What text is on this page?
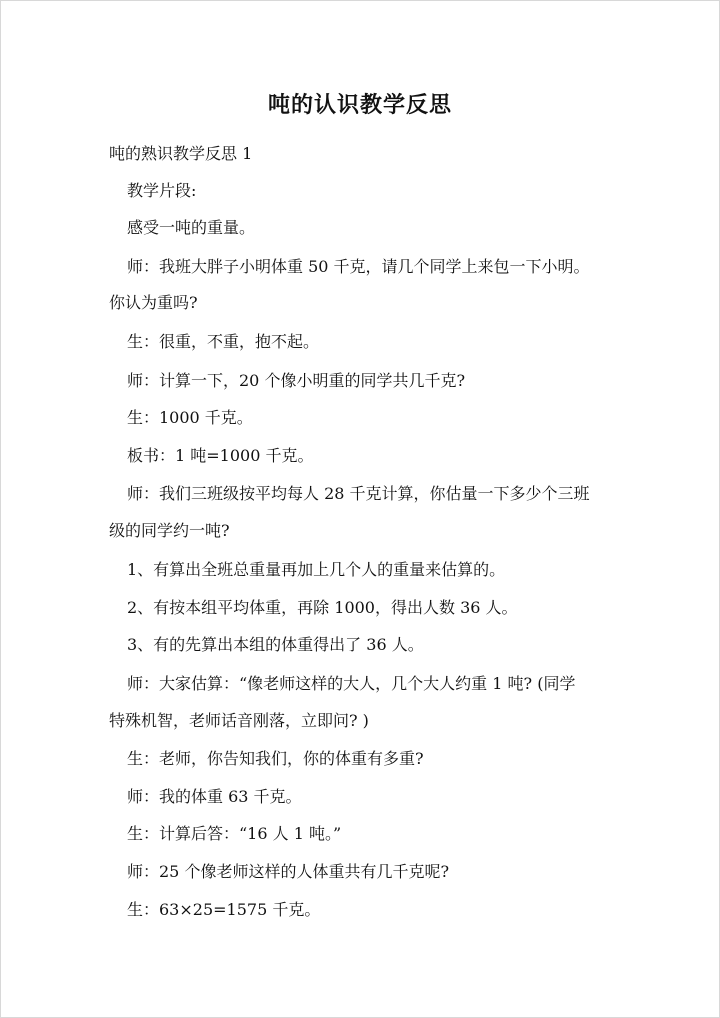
吨的认识教学反思
吨的熟识教学反思 1
教学片段:
感受一吨的重量。
师：我班大胖子小明体重 50 千克，请几个同学上来包一下小明。
你认为重吗?
生：很重，不重，抱不起。
师：计算一下，20 个像小明重的同学共几千克?
生：1000 千克。
板书：1 吨=1000 千克。
师：我们三班级按平均每人 28 千克计算，你估量一下多少个三班
级的同学约一吨?
1、有算出全班总重量再加上几个人的重量来估算的。
2、有按本组平均体重，再除 1000，得出人数 36 人。
3、有的先算出本组的体重得出了 36 人。
师：大家估算：“像老师这样的大人，几个大人约重 1 吨? (同学
特殊机智，老师话音刚落，立即问? )
生：老师，你告知我们，你的体重有多重?
师：我的体重 63 千克。
生：计算后答：“16 人 1 吨。”
师：25 个像老师这样的人体重共有几千克呢?
生：63×25=1575 千克。
